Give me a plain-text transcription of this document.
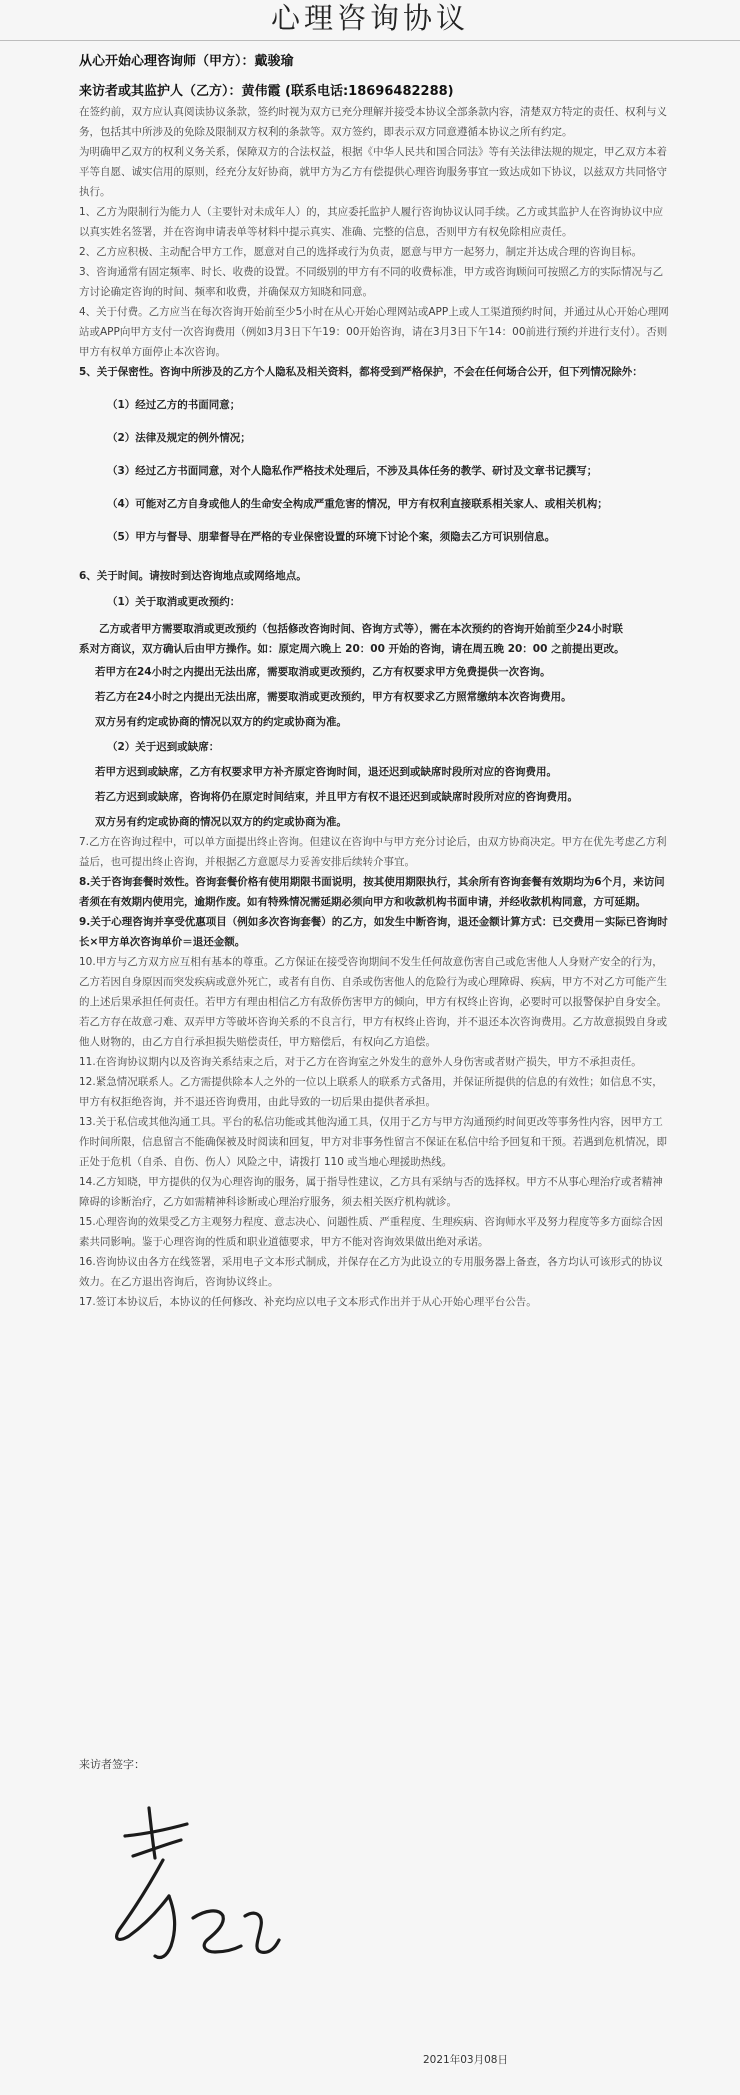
心理咨询协议
从心开始心理咨询师（甲方）：戴骏瑜
来访者或其监护人（乙方）：黄伟霞 (联系电话:18696482288)

在签约前，双方应认真阅读协议条款，签约时视为双方已充分理解并接受本协议全部条款内容，清楚双方特定的责任、权利与义务，包括其中所涉及的免除及限制双方权利的条款等。双方签约，即表示双方同意遵循本协议之所有约定。

为明确甲乙双方的权利义务关系，保障双方的合法权益，根据《中华人民共和国合同法》等有关法律法规的规定，甲乙双方本着平等自愿、诚实信用的原则，经充分友好协商，就甲方为乙方有偿提供心理咨询服务事宜一致达成如下协议，以兹双方共同恪守执行。

1、乙方为限制行为能力人（主要针对未成年人）的，其应委托监护人履行咨询协议认同手续。乙方或其监护人在咨询协议中应以真实姓名签署，并在咨询申请表单等材料中提示真实、准确、完整的信息，否则甲方有权免除相应责任。

2、乙方应积极、主动配合甲方工作，愿意对自己的选择或行为负责，愿意与甲方一起努力，制定并达成合理的咨询目标。

3、咨询通常有固定频率、时长、收费的设置。不同级别的甲方有不同的收费标准，甲方或咨询顾问可按照乙方的实际情况与乙方讨论确定咨询的时间、频率和收费，并确保双方知晓和同意。

4、关于付费。乙方应当在每次咨询开始前至少5小时在从心开始心理网站或APP上或人工渠道预约时间，并通过从心开始心理网站或APP向甲方支付一次咨询费用（例如3月3日下午19：00开始咨询，请在3月3日下午14：00前进行预约并进行支付）。否则甲方有权单方面停止本次咨询。

5、关于保密性。咨询中所涉及的乙方个人隐私及相关资料，都将受到严格保护，不会在任何场合公开，但下列情况除外：

（1）经过乙方的书面同意；
（2）法律及规定的例外情况；
（3）经过乙方书面同意，对个人隐私作严格技术处理后，不涉及具体任务的教学、研讨及文章书记撰写；
（4）可能对乙方自身或他人的生命安全构成严重危害的情况，甲方有权利直接联系相关家人、或相关机构；
（5）甲方与督导、朋辈督导在严格的专业保密设置的环境下讨论个案，须隐去乙方可识别信息。
6、关于时间。请按时到达咨询地点或网络地点。
（1）关于取消或更改预约：
乙方或者甲方需要取消或更改预约（包括修改咨询时间、咨询方式等），需在本次预约的咨询开始前至少24小时联
系对方商议，双方确认后由甲方操作。如：原定周六晚上 20：00 开始的咨询，请在周五晚 20：00 之前提出更改。
若甲方在24小时之内提出无法出席，需要取消或更改预约，乙方有权要求甲方免费提供一次咨询。
若乙方在24小时之内提出无法出席，需要取消或更改预约，甲方有权要求乙方照常缴纳本次咨询费用。
双方另有约定或协商的情况以双方的约定或协商为准。
（2）关于迟到或缺席：
若甲方迟到或缺席，乙方有权要求甲方补齐原定咨询时间，退还迟到或缺席时段所对应的咨询费用。
若乙方迟到或缺席，咨询将仍在原定时间结束，并且甲方有权不退还迟到或缺席时段所对应的咨询费用。
双方另有约定或协商的情况以双方的约定或协商为准。

7.乙方在咨询过程中，可以单方面提出终止咨询。但建议在咨询中与甲方充分讨论后，由双方协商决定。甲方在优先考虑乙方利益后，也可提出终止咨询，并根据乙方意愿尽力妥善安排后续转介事宜。

8.关于咨询套餐时效性。咨询套餐价格有使用期限书面说明，按其使用期限执行，其余所有咨询套餐有效期均为6个月，来访问者须在有效期内使用完，逾期作废。如有特殊情况需延期必须向甲方和收款机构书面申请，并经收款机构同意，方可延期。

9.关于心理咨询并享受优惠项目（例如多次咨询套餐）的乙方，如发生中断咨询，退还金额计算方式：已交费用－实际已咨询时长×甲方单次咨询单价＝退还金额。

10.甲方与乙方双方应互相有基本的尊重。乙方保证在接受咨询期间不发生任何故意伤害自己或危害他人人身财产安全的行为，乙方若因自身原因而突发疾病或意外死亡，或者有自伤、自杀或伤害他人的危险行为或心理障碍、疾病，甲方不对乙方可能产生的上述后果承担任何责任。若甲方有理由相信乙方有敌侨伤害甲方的倾向，甲方有权终止咨询，必要时可以报警保护自身安全。若乙方存在故意刁难、双弄甲方等破坏咨询关系的不良言行，甲方有权终止咨询，并不退还本次咨询费用。乙方故意损毁自身或他人财物的，由乙方自行承担损失赔偿责任，甲方赔偿后，有权向乙方追偿。

11.在咨询协议期内以及咨询关系结束之后，对于乙方在咨询室之外发生的意外人身伤害或者财产损失，甲方不承担责任。

12.紧急情况联系人。乙方需提供除本人之外的一位以上联系人的联系方式备用，并保证所提供的信息的有效性；如信息不实，甲方有权拒绝咨询，并不退还咨询费用，由此导致的一切后果由提供者承担。

13.关于私信或其他沟通工具。平台的私信功能或其他沟通工具，仅用于乙方与甲方沟通预约时间更改等事务性内容，因甲方工作时间所限，信息留言不能确保被及时阅读和回复，甲方对非事务性留言不保证在私信中给予回复和干预。若遇到危机情况，即正处于危机（自杀、自伤、伤人）风险之中，请拨打 110 或当地心理援助热线。

14.乙方知晓，甲方提供的仅为心理咨询的服务，属于指导性建议，乙方具有采纳与否的选择权。甲方不从事心理治疗或者精神障碍的诊断治疗，乙方如需精神科诊断或心理治疗服务，须去相关医疗机构就诊。

15.心理咨询的效果受乙方主观努力程度、意志决心、问题性质、严重程度、生理疾病、咨询师水平及努力程度等多方面综合因素共同影响。鉴于心理咨询的性质和职业道德要求，甲方不能对咨询效果做出绝对承诺。

16.咨询协议由各方在线签署，采用电子文本形式制成，并保存在乙方为此设立的专用服务器上备查，各方均认可该形式的协议效力。在乙方退出咨询后，咨询协议终止。

17.签订本协议后，本协议的任何修改、补充均应以电子文本形式作出并于从心开始心理平台公告。

来访者签字：
2021年03月08日
